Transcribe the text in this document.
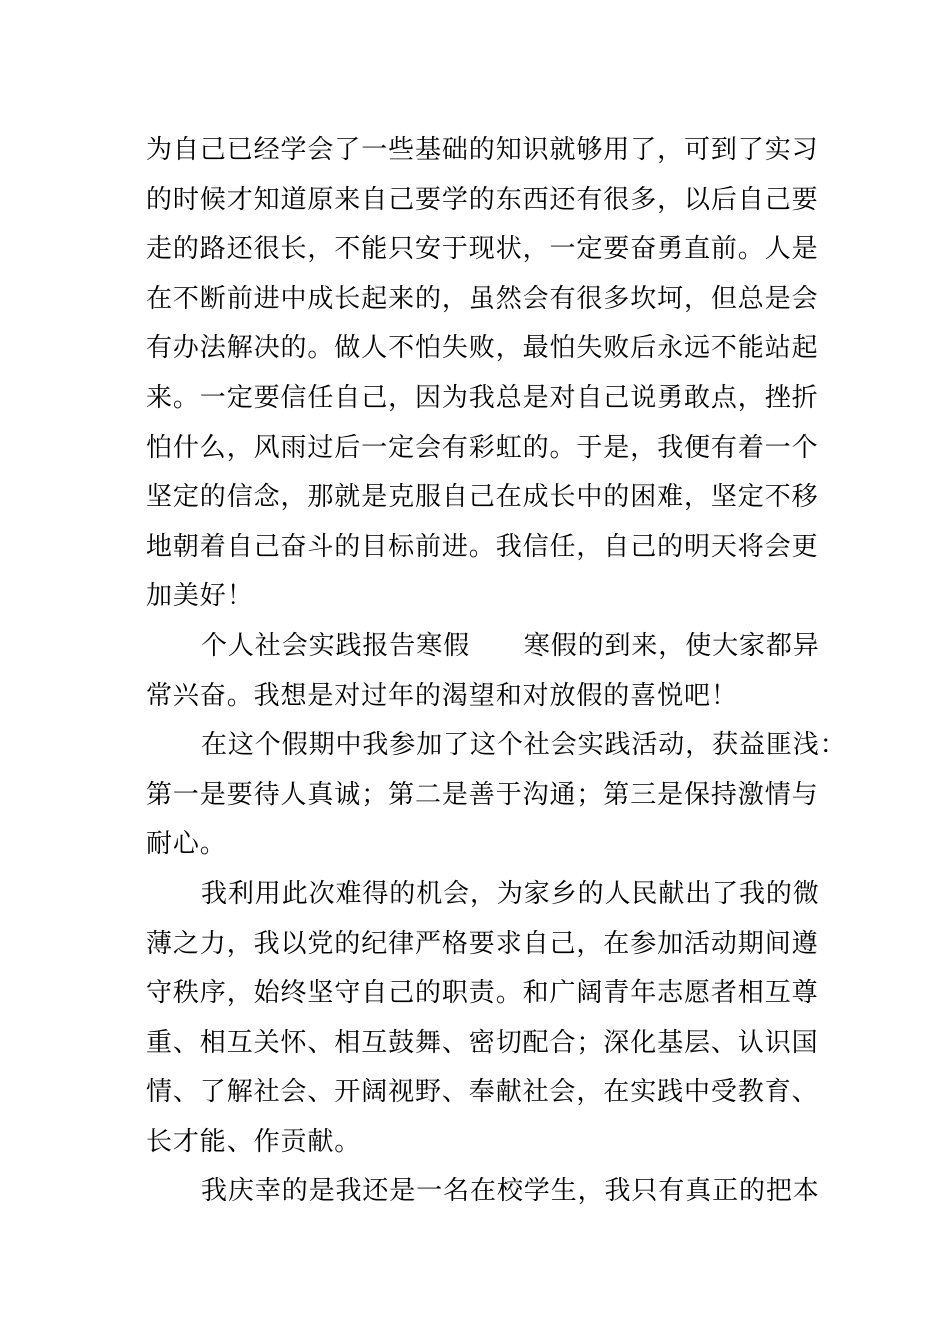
为自己已经学会了一些基础的知识就够用了，可到了实习
的时候才知道原来自己要学的东西还有很多，以后自己要
走的路还很长，不能只安于现状，一定要奋勇直前。人是
在不断前进中成长起来的，虽然会有很多坎坷，但总是会
有办法解决的。做人不怕失败，最怕失败后永远不能站起
来。一定要信任自己，因为我总是对自己说勇敢点，挫折
怕什么，风雨过后一定会有彩虹的。于是，我便有着一个
坚定的信念，那就是克服自己在成长中的困难，坚定不移
地朝着自己奋斗的目标前进。我信任，自己的明天将会更
加美好！
个人社会实践报告寒假　　寒假的到来，使大家都异
常兴奋。我想是对过年的渴望和对放假的喜悦吧！
在这个假期中我参加了这个社会实践活动，获益匪浅：
第一是要待人真诚；第二是善于沟通；第三是保持激情与
耐心。
我利用此次难得的机会，为家乡的人民献出了我的微
薄之力，我以党的纪律严格要求自己，在参加活动期间遵
守秩序，始终坚守自己的职责。和广阔青年志愿者相互尊
重、相互关怀、相互鼓舞、密切配合；深化基层、认识国
情、了解社会、开阔视野、奉献社会，在实践中受教育、
长才能、作贡献。
我庆幸的是我还是一名在校学生，我只有真正的把本
